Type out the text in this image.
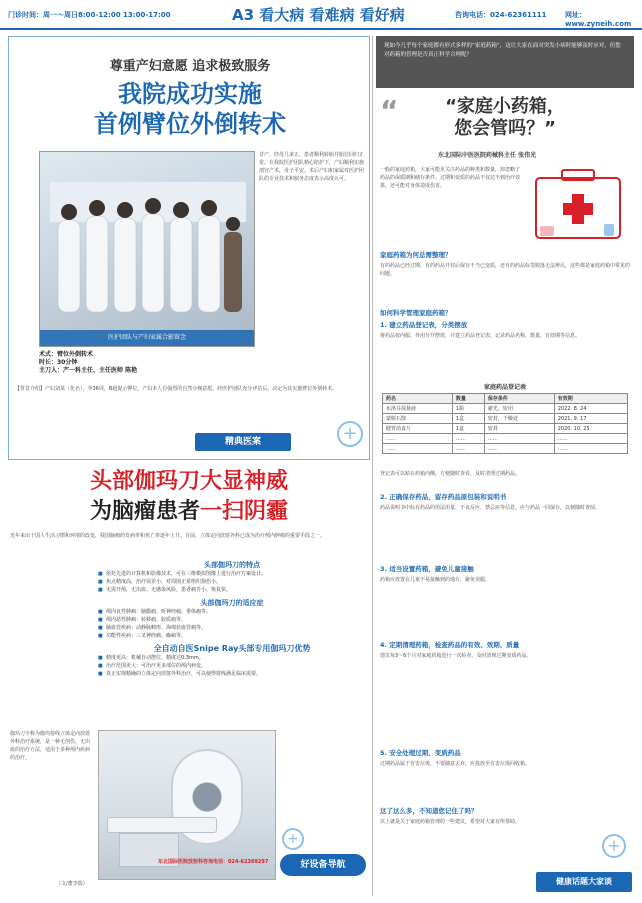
门诊时间：周一～周日8:00-12:00 13:00-17:00	A3 看大病 看难病 看好病	咨询电话：024-62361111	网址：www.zyneih.com
尊重产妇意愿 追求极致服务
我院成功实施
首例臂位外倒转术
医护团队与产妇家属合影留念
昔产，经母儿来正，患者顺利转胎并胎位回归正常。在我院医护团队精心陪护下，产妇顺利实施剖宫产术，母子平安。术后产妇和家属对医护团队的专业技术和服务态度表示高度认可。
术式：臂位外倒转术
时长：30分钟
主刀人：产一科主任、主任医师 陈艳
【背景介绍】产妇刘某（化名），孕36周，B超提示臀位，产妇本人有强烈的自然分娩意愿。经医护团队充分评估后，决定为其实施臂位外倒转术。
+
精典医案
头部伽玛刀大显神威
为脑瘤患者一扫阴霾
近年来由于国人生活习惯和环境的改变，我国脑瘤的发病率和死亡率逐年上升。目前，立体定向放射外科已成为治疗颅内肿瘤的重要手段之一。
头部伽玛刀的特点
■ 依托先进的计算机和影像技术，可在三维模拟图像上进行治疗方案设计。
■ 焦点精度高，治疗误差小，对周围正常组织损伤小。
■ 无需开颅，无出血、无感染风险，患者痛苦小、恢复快。
头部伽玛刀的适应症
■ 颅内良性肿瘤：脑膜瘤、听神经瘤、垂体瘤等。
■ 颅内恶性肿瘤：转移瘤、胶质瘤等。
■ 脑血管疾病：动静脉畸形、海绵状血管瘤等。
■ 功能性疾病：三叉神经痛、癫痫等。
全自动自医Snipe Ray头部专用伽玛刀优势
■ 精度更高：机械自动摆位，精度达0.3mm。
■ 治疗范围更大：可治疗更多部位的颅内病变。
■ 真正实现精确的立体定向放射外科治疗，可以使得射线满足临床需要。
伽玛刀全称为伽玛射线立体定向放射外科治疗系统，是一种无创伤、无出血的治疗方法，适用于多种颅内疾病的治疗。
东北国际医院放射科咨询电话：024-62369297
+
好设备导航
（文/董李瑞）
现如今几乎每个家庭都有形式多样的“家庭药箱”，这让大家在面对突发小病时能够及时应对，但您对药箱的管理是否真正科学合理呢？
“	“家庭小药箱，
您会管吗？”
东北国际中医医院药械科主任 张伟光
一般的家庭药箱，大家可能更关注药品的种类和数量，却忽略了药品的保质期和储存条件。过期和变质的药品不仅达不到治疗效果，还可能对身体造成伤害。
家庭药箱为何总需整理？
有的药品已经过期，有的药品开封后保存不当已变质，还有的药品标签脱落无法辨认，这些都是家庭药箱中常见的问题。
如何科学管理家庭药箱？
1. 建立药品登记表，分类摆放
将药品按内服、外用分开摆放，并建立药品登记表，记录药品名称、数量、有效期等信息。
家庭药品登记表
药名	数量	保存条件	有效期
布洛芬混悬液	1瓶	避光、密闭	2022. 8. 24
蒙脱石散	1盒	密封，干燥处	2021. 9. 17
健胃消食片	1盒	密封	2020. 10. 25
……	……	……	……
……	……	……	……
登记表可以贴在药箱内侧，方便随时查看，及时清理过期药品。
2. 正确保存药品，留存药品原包装和说明书
药品说明书中标有药品的用法用量、不良反应、禁忌症等信息，应与药品一同保存，以便随时查阅。
3. 适当设置药箱，避免儿童接触
药箱应放置在儿童不易接触到的地方，避免误服。
4. 定期清理药箱，检查药品的有效、效期、质量
建议每3～6个月对家庭药箱进行一次检查，及时清理过期变质药品。
5. 安全处理过期、变质药品
过期药品属于有害垃圾，不要随意丢弃，应投放至有害垃圾回收箱。
这了这么多，不知道您记住了吗？
以上就是关于家庭药箱管理的一些建议，希望对大家有所帮助。
+
健康话题大家谈
